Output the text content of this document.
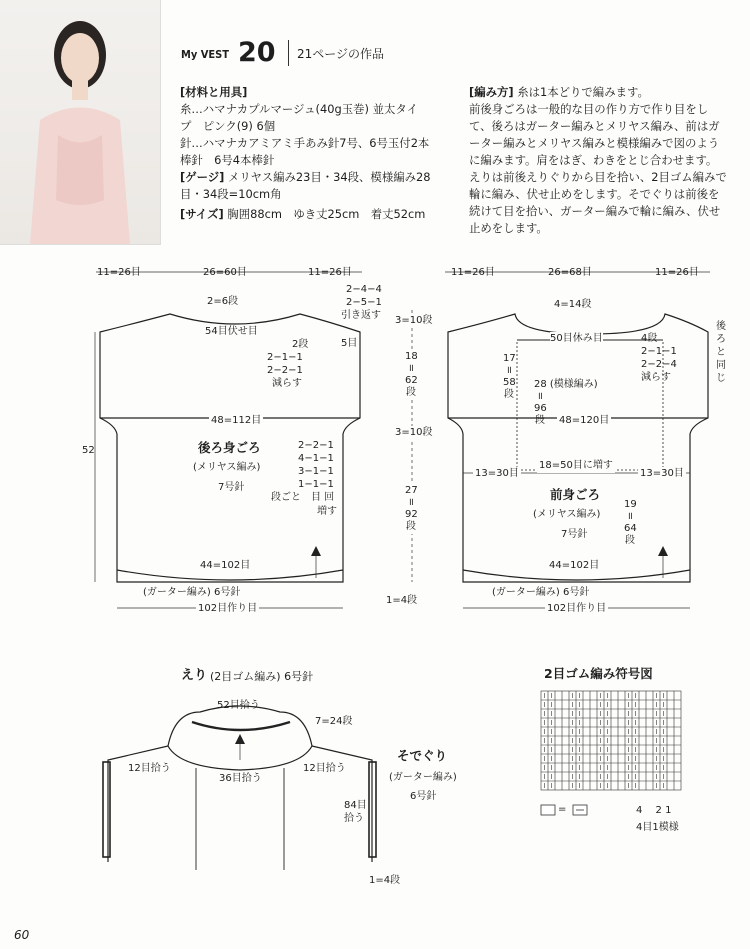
My VEST 20 21ページの作品
[材料と用具]
糸…ハマナカプルマージュ(40g玉巻) 並太タイ
プ　ピンク(9) 6個
針…ハマナカアミアミ手あみ針7号、6号玉付2本
棒針　6号4本棒針
[ゲージ] メリヤス編み23目・34段、模様編み28
目・34段=10cm角
[サイズ] 胸囲88cm　ゆき丈25cm　着丈52cm
[編み方] 糸は1本どりで編みます。
前後身ごろは一般的な目の作り方で作り目をし
て、後ろはガーター編みとメリヤス編み、前はガ
ーター編みとメリヤス編みと模様編みで図のよう
に編みます。肩をはぎ、わきをとじ合わせます。
えりは前後えりぐりから目を拾い、2目ゴム編みで
輪に編み、伏せ止めをします。そでぐりは前後を
続けて目を拾い、ガーター編みで輪に編み、伏せ
止めをします。
11=26目	26=60目	11=26目
2=6段
2−4−4
2−5−1
引き返す
54目伏せ目
5目
2段
2−1−1
2−2−1
減らす
48=112目
後ろ身ごろ
(メリヤス編み)
7号針
2−2−1
4−1−1
3−1−1
1−1−1
段ごと　目 回
増す
52
44=102目
(ガーター編み) 6号針
102目作り目
3=10段
18
॥
62
段
3=10段
27
॥
92
段
1=4段
11=26目	26=68目	11=26目
4=14段
50目休み目	4段
2−1−1
2−2−4
減らす
後
ろ
と
同
じ
17
॥
58
段
28 (模様編み)
॥
96
段 48=120目
13=30目
18=50目に増す
13=30目
前身ごろ
(メリヤス編み)
7号針
19
॥
64
段
44=102目
(ガーター編み) 6号針
102目作り目
えり (2目ゴム編み) 6号針
52目拾う
7=24段
12目拾う
36目拾う
12目拾う
そでぐり
(ガーター編み)
6号針
84目
拾う
1=4段
2目ゴム編み符号図
=	4　 2 1
4目1模様
60
